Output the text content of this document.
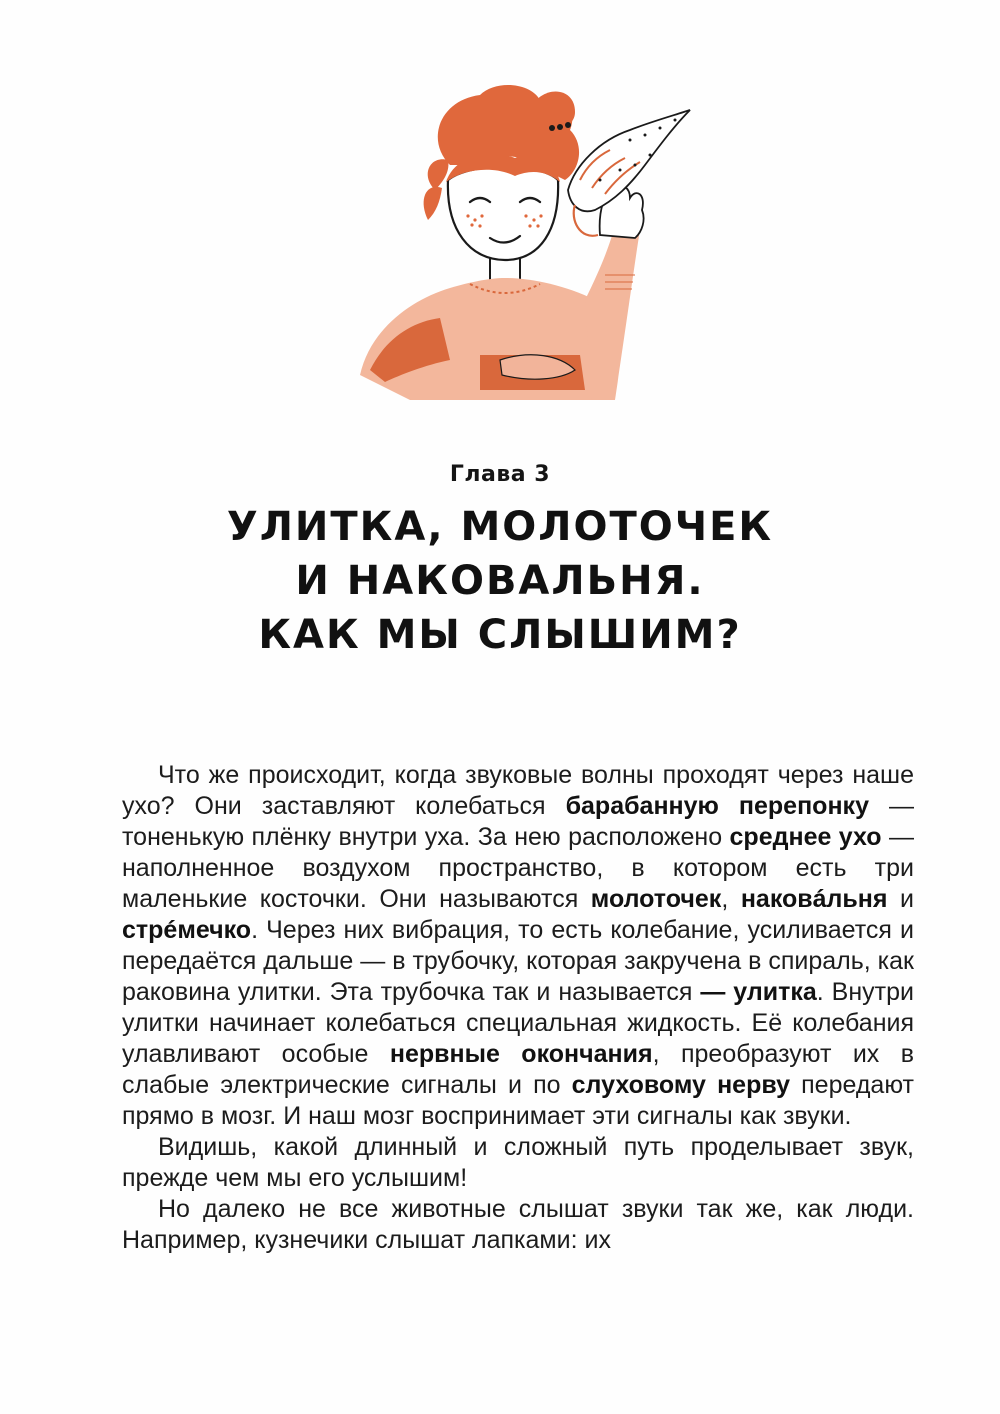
Глава 3
УЛИТКА, МОЛОТОЧЕК
И НАКОВАЛЬНЯ.
КАК МЫ СЛЫШИМ?

Что же происходит, когда звуковые волны проходят через наше ухо? Они заставляют колебаться барабанную перепонку — тоненькую плёнку внутри уха. За нею расположено среднее ухо — наполненное воздухом пространство, в котором есть три маленькие косточки. Они называются молоточек, наковáльня и стрéмечко. Через них вибрация, то есть колебание, усиливается и передаётся дальше — в трубочку, которая закручена в спираль, как раковина улитки. Эта трубочка так и называется — улитка. Внутри улитки начинает колебаться специальная жидкость. Её колебания улавливают особые нервные окончания, преобразуют их в слабые электрические сигналы и по слуховому нерву передают прямо в мозг. И наш мозг воспринимает эти сигналы как звуки.

Видишь, какой длинный и сложный путь проделывает звук, прежде чем мы его услышим!

Но далеко не все животные слышат звуки так же, как люди. Например, кузнечики слышат лапками: их
